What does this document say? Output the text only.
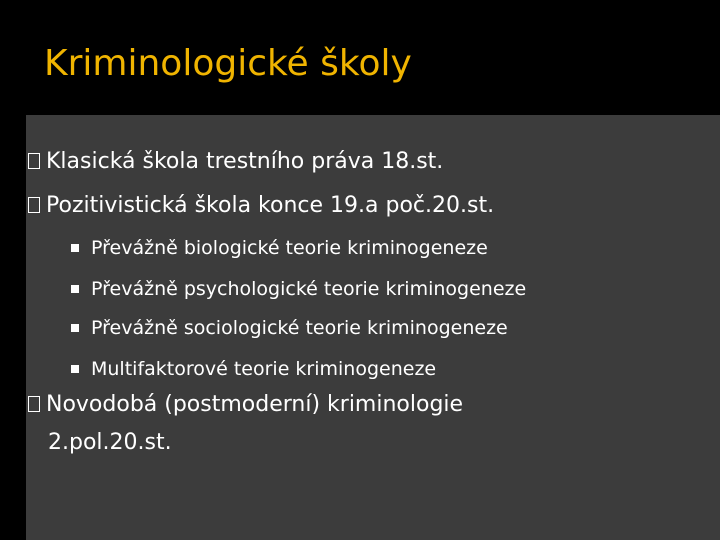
Kriminologické školy
Klasická škola trestního práva 18.st.
Pozitivistická škola konce 19.a poč.20.st.
Převážně biologické teorie kriminogeneze
Převážně psychologické teorie kriminogeneze
Převážně sociologické teorie kriminogeneze
Multifaktorové teorie kriminogeneze
Novodobá (postmoderní) kriminologie
2.pol.20.st.
